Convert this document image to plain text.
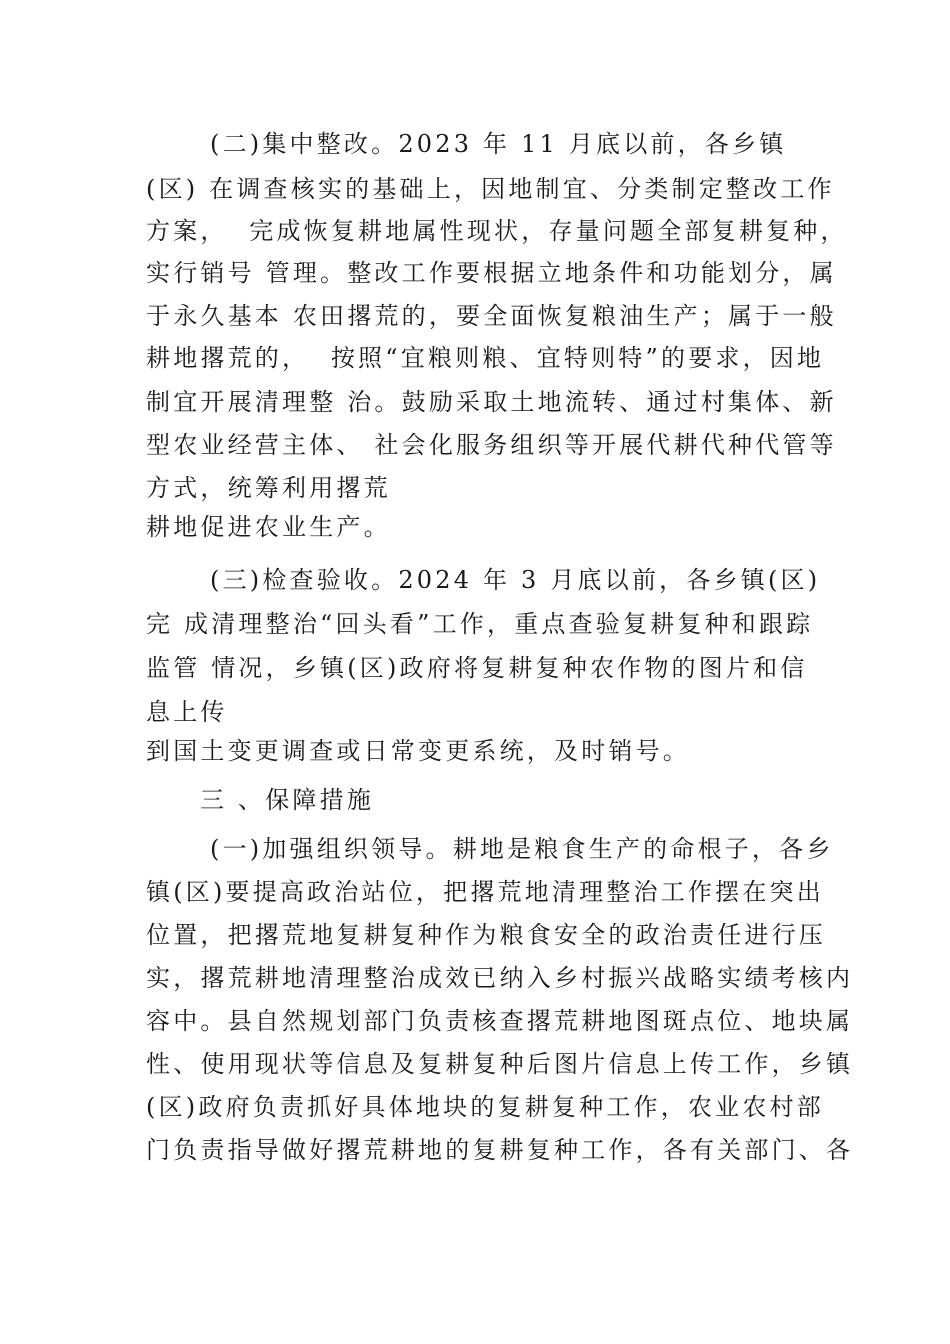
(二)集中整改。2023 年 11 月底以前，各乡镇
(区) 在调查核实的基础上，因地制宜、分类制定整改工作
方案，  完成恢复耕地属性现状，存量问题全部复耕复种，
实行销号 管理。整改工作要根据立地条件和功能划分，属
于永久基本 农田撂荒的，要全面恢复粮油生产；属于一般
耕地撂荒的，  按照“宜粮则粮、宜特则特”的要求，因地
制宜开展清理整 治。鼓励采取土地流转、通过村集体、新
型农业经营主体、 社会化服务组织等开展代耕代种代管等
方式，统筹利用撂荒
耕地促进农业生产。
(三)检查验收。2024 年 3 月底以前，各乡镇(区)
完 成清理整治“回头看”工作，重点查验复耕复种和跟踪
监管 情况，乡镇(区)政府将复耕复种农作物的图片和信
息上传
到国土变更调查或日常变更系统，及时销号。
三 、保障措施
(一)加强组织领导。耕地是粮食生产的命根子，各乡
镇(区)要提高政治站位，把撂荒地清理整治工作摆在突出
位置，把撂荒地复耕复种作为粮食安全的政治责任进行压
实，撂荒耕地清理整治成效已纳入乡村振兴战略实绩考核内
容中。县自然规划部门负责核查撂荒耕地图斑点位、地块属
性、使用现状等信息及复耕复种后图片信息上传工作，乡镇
(区)政府负责抓好具体地块的复耕复种工作，农业农村部
门负责指导做好撂荒耕地的复耕复种工作，各有关部门、各
